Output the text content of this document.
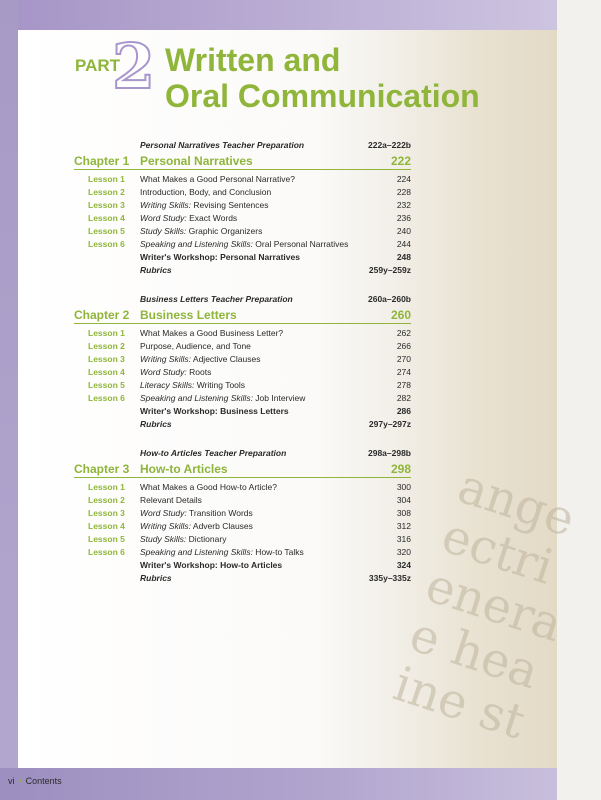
ange
ectri
enera
e hea
ine st
PART
2 Written and
Oral Communication
Personal Narratives Teacher Preparation	222a–222b
Chapter 1 Personal Narratives	222
Lesson 1 What Makes a Good Personal Narrative?	224
Lesson 2 Introduction, Body, and Conclusion	228
Lesson 3 Writing Skills: Revising Sentences	232
Lesson 4 Word Study: Exact Words	236
Lesson 5 Study Skills: Graphic Organizers	240
Lesson 6 Speaking and Listening Skills: Oral Personal Narratives	244
Writer's Workshop: Personal Narratives	248
Rubrics	259y–259z
Business Letters Teacher Preparation	260a–260b
Chapter 2 Business Letters	260
Lesson 1 What Makes a Good Business Letter?	262
Lesson 2 Purpose, Audience, and Tone	266
Lesson 3 Writing Skills: Adjective Clauses	270
Lesson 4 Word Study: Roots	274
Lesson 5 Literacy Skills: Writing Tools	278
Lesson 6 Speaking and Listening Skills: Job Interview	282
Writer's Workshop: Business Letters	286
Rubrics	297y–297z
How-to Articles Teacher Preparation	298a–298b
Chapter 3 How-to Articles	298
Lesson 1 What Makes a Good How-to Article?	300
Lesson 2 Relevant Details	304
Lesson 3 Word Study: Transition Words	308
Lesson 4 Writing Skills: Adverb Clauses	312
Lesson 5 Study Skills: Dictionary	316
Lesson 6 Speaking and Listening Skills: How-to Talks	320
Writer's Workshop: How-to Articles	324
Rubrics	335y–335z
vi • Contents
